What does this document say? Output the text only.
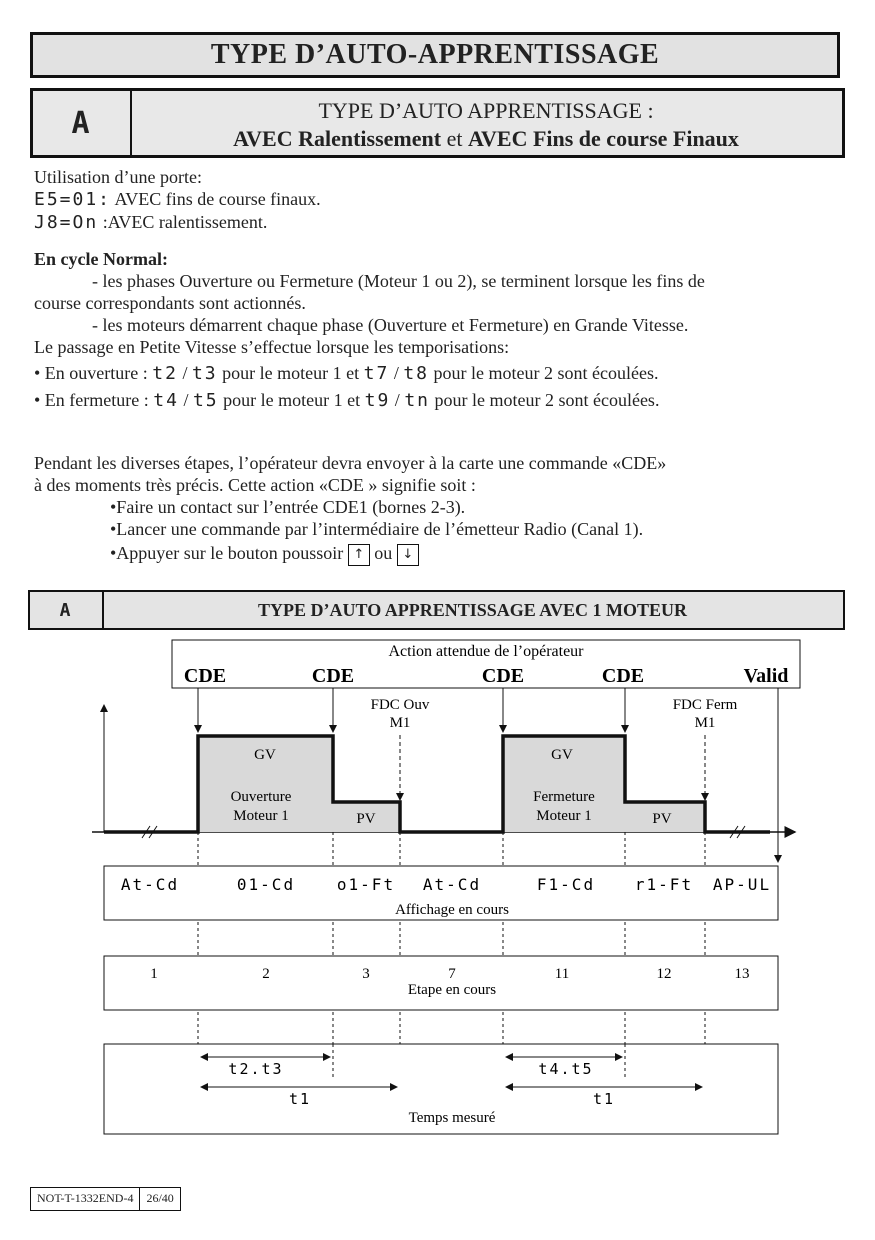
TYPE D’AUTO-APPRENTISSAGE
A	TYPE D’AUTO APPRENTISSAGE :
AVEC Ralentissement et AVEC Fins de course Finaux
Utilisation d’une porte:
E5=01: AVEC fins de course finaux.
J8=On :AVEC ralentissement.
En cycle Normal:
- les phases Ouverture ou Fermeture (Moteur 1 ou 2), se terminent lorsque les fins de
course correspondants sont actionnés.
- les moteurs démarrent chaque phase (Ouverture et Fermeture) en Grande Vitesse.
Le passage en Petite Vitesse s’effectue lorsque les temporisations:
• En ouverture : t2 / t3 pour le moteur 1 et t7 / t8 pour le moteur 2 sont écoulées.
• En fermeture : t4 / t5 pour le moteur 1 et t9 / tn pour le moteur 2 sont écoulées.
Pendant les diverses étapes, l’opérateur devra envoyer à la carte une commande «CDE»
à des moments très précis. Cette action «CDE » signifie soit :
•Faire un contact sur l’entrée CDE1 (bornes 2-3).
•Lancer une commande par l’intermédiaire de l’émetteur Radio (Canal 1).
•Appuyer sur le bouton poussoir ↑ ou ↓
A	TYPE D’AUTO APPRENTISSAGE AVEC 1 MOTEUR
Action attendue de l’opérateur
CDE	CDE	CDE	CDE	Valid
FDC Ouv
M1
FDC Ferm
M1
GV
Ouverture
Moteur 1	PV
GV
Fermeture
Moteur 1	PV
At-Cd	01-Cd	o1-Ft At-Cd	F1-Cd r1-Ft AP-UL
Affichage en cours
1	2	3	7	11	12	13
Etape en cours
t2.t3
t1
t4.t5
t1
Temps mesuré
NOT-T-1332END-4	26/40
